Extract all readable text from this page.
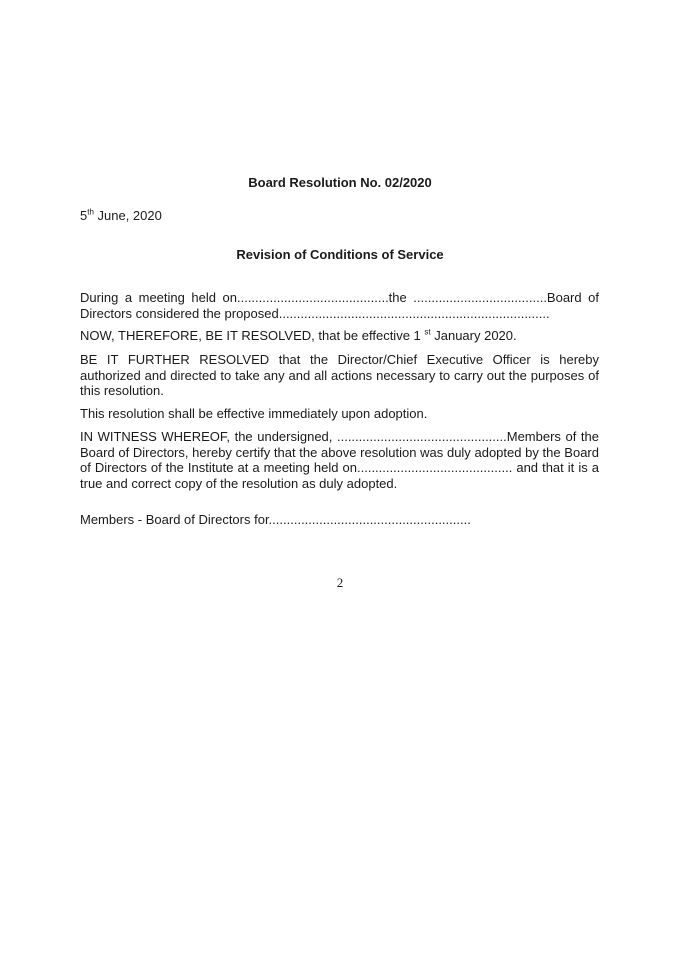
Board Resolution No. 02/2020
5th June, 2020
Revision of Conditions of Service
During a meeting held on..........................................the .....................................Board of Directors considered the proposed...........................................................................
NOW, THEREFORE, BE IT RESOLVED, that be effective 1 $^{st}$ January 2020.
BE IT FURTHER RESOLVED that the Director/Chief Executive Officer is hereby authorized and directed to take any and all actions necessary to carry out the purposes of this resolution.
This resolution shall be effective immediately upon adoption.
IN WITNESS WHEREOF, the undersigned, ...............................................Members of the Board of Directors, hereby certify that the above resolution was duly adopted by the Board of Directors of the Institute at a meeting held on........................................... and that it is a true and correct copy of the resolution as duly adopted.
Members - Board of Directors for........................................................
2
